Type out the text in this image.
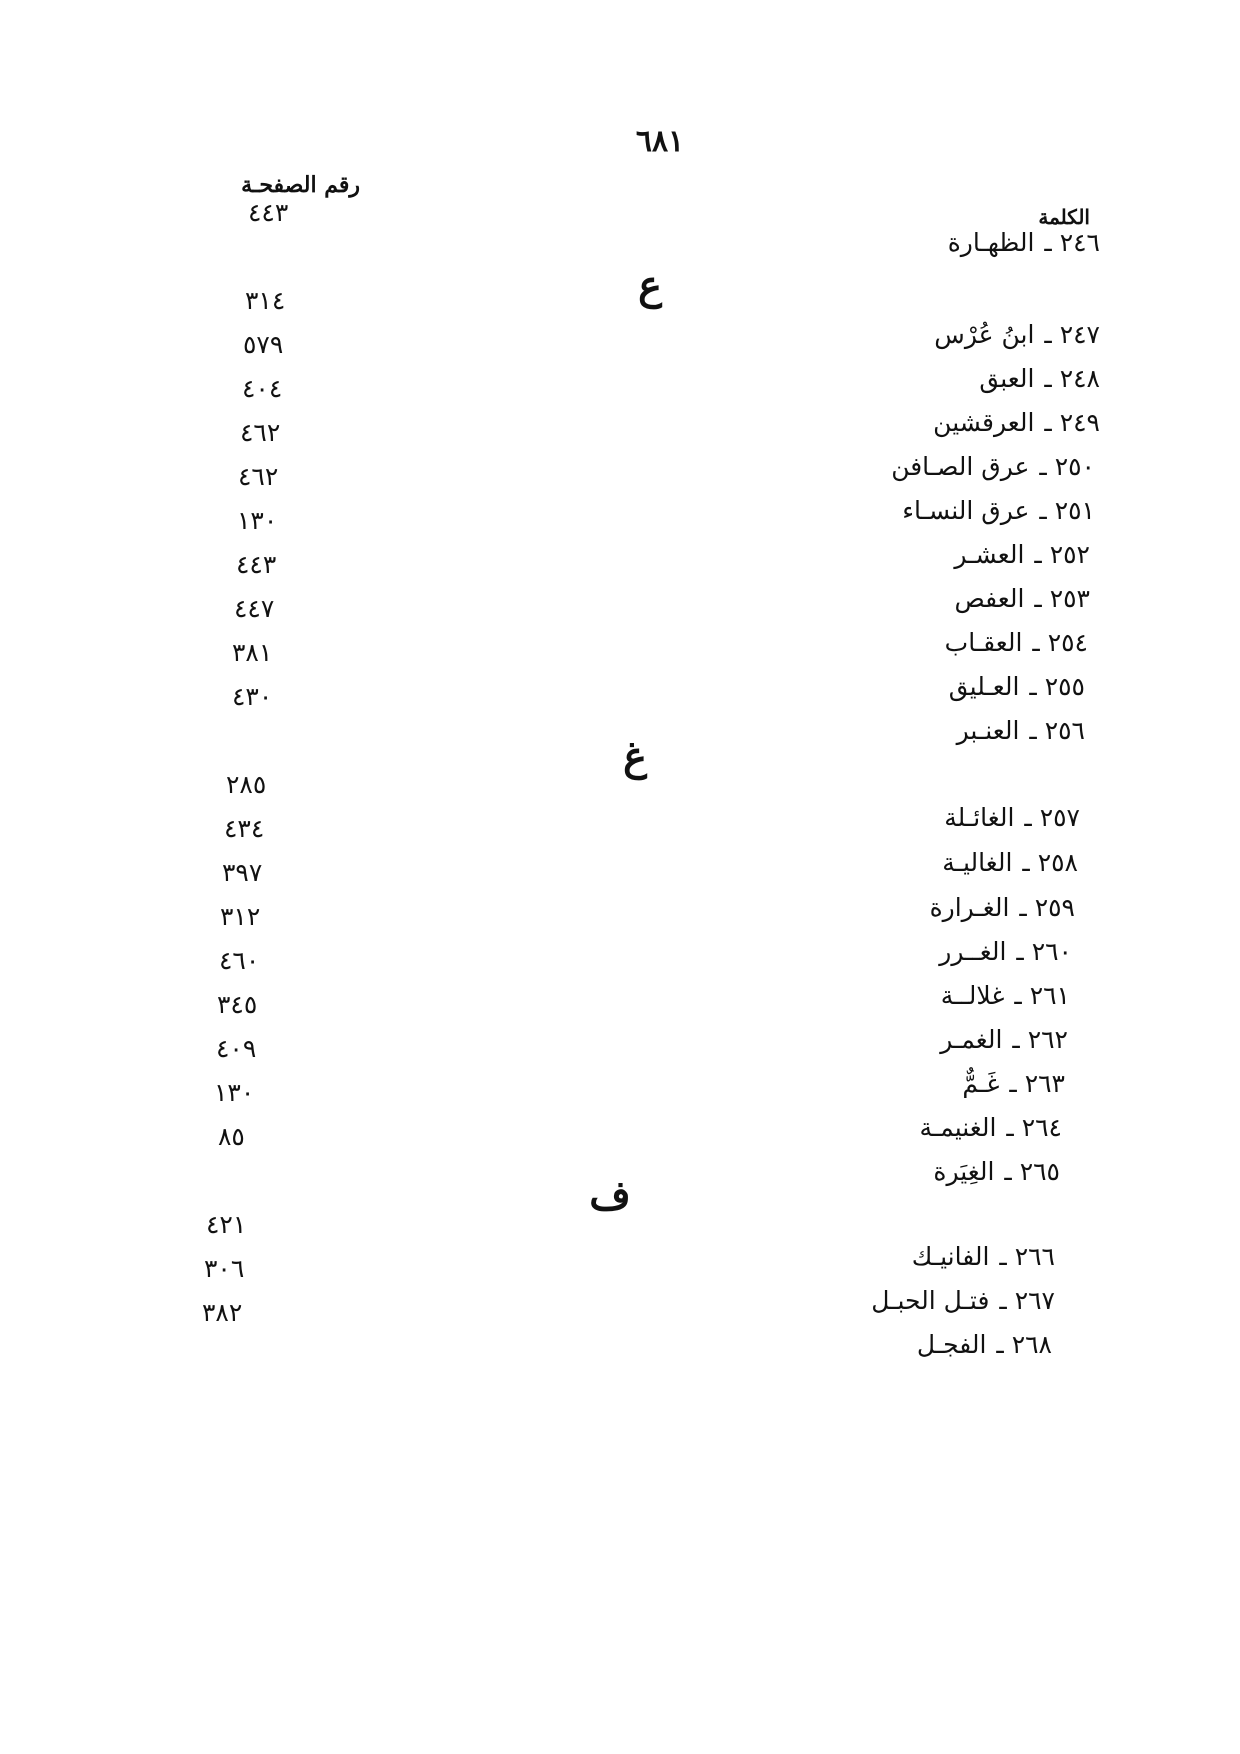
٦٨١
رقم الصفحـة
الكلمة
ع
غ
ف
٢٤٦ ـالظهـارة
٢٤٧ ـابنُ عُرْس
٢٤٨ ـالعبق
٢٤٩ ـالعرقشين
٢٥٠ ـعرق الصـافن
٢٥١ ـعرق النسـاء
٢٥٢ ـالعشـر
٢٥٣ ـالعفص
٢٥٤ ـالعقـاب
٢٥٥ ـالعـليق
٢٥٦ ـالعنـبر
٢٥٧ ـالغائـلة
٢٥٨ ـالغاليـة
٢٥٩ ـالغـرارة
٢٦٠ ـالغــرر
٢٦١ ـغلالــة
٢٦٢ ـالغمـر
٢٦٣ ـغَـمٌّ
٢٦٤ ـالغنيمـة
٢٦٥ ـالغِيَرة
٢٦٦ ـالفانيـك
٢٦٧ ـفتـل الحبـل
٢٦٨ ـالفجـل
٤٤٣
٣١٤
٥٧٩
٤٠٤
٤٦٢
٤٦٢
١٣٠
٤٤٣
٤٤٧
٣٨١
٤٣٠
٢٨٥
٤٣٤
٣٩٧
٣١٢
٤٦٠
٣٤٥
٤٠٩
١٣٠
٨٥
٤٢١
٣٠٦
٣٨٢
